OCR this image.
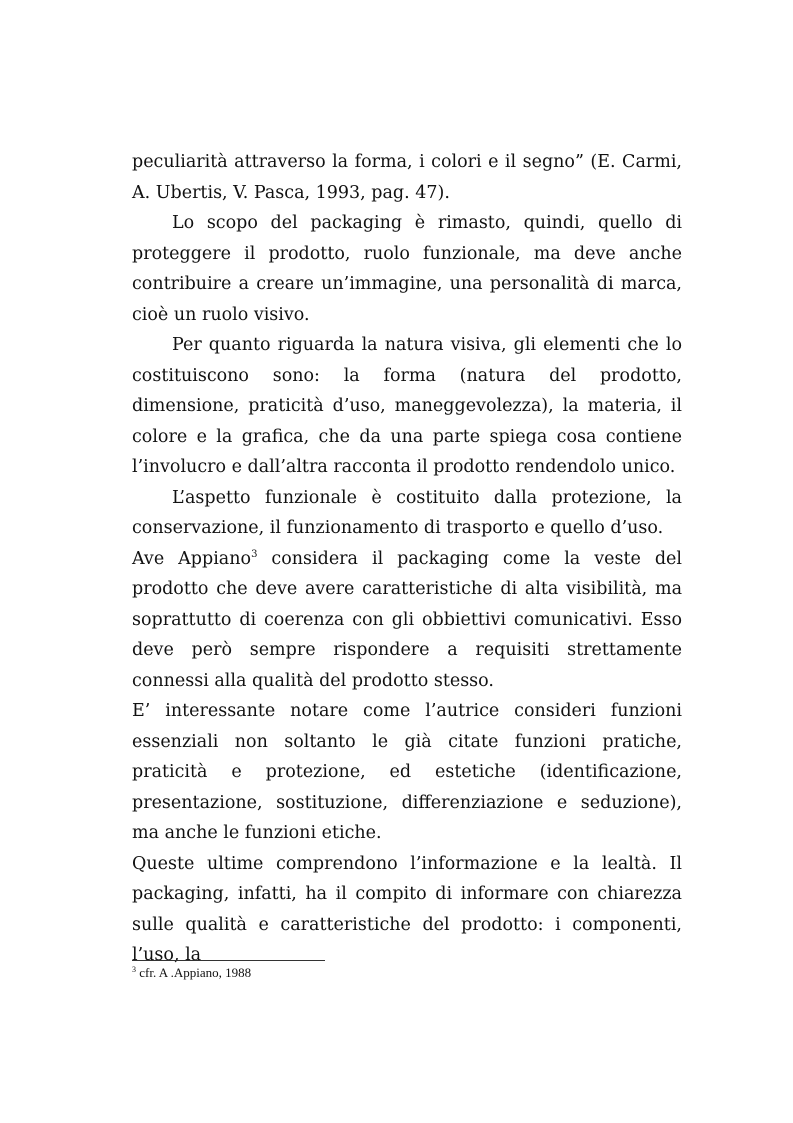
peculiarità attraverso la forma, i colori e il segno” (E. Carmi, A. Ubertis, V. Pasca, 1993, pag. 47).

Lo scopo del packaging è rimasto, quindi, quello di proteggere il prodotto, ruolo funzionale, ma deve anche contribuire a creare un’immagine, una personalità di marca, cioè un ruolo visivo.

Per quanto riguarda la natura visiva, gli elementi che lo costituiscono sono: la forma (natura del prodotto, dimensione, praticità d’uso, maneggevolezza), la materia, il colore e la grafica, che da una parte spiega cosa contiene l’involucro e dall’altra racconta il prodotto rendendolo unico.

L’aspetto funzionale è costituito dalla protezione, la conservazione, il funzionamento di trasporto e quello d’uso.

Ave Appiano$^3$ considera il packaging come la veste del prodotto che deve avere caratteristiche di alta visibilità, ma soprattutto di coerenza con gli obbiettivi comunicativi. Esso deve però sempre rispondere a requisiti strettamente connessi alla qualità del prodotto stesso.

E’ interessante notare come l’autrice consideri funzioni essenziali non soltanto le già citate funzioni pratiche, praticità e protezione, ed estetiche (identificazione, presentazione, sostituzione, differenziazione e seduzione), ma anche le funzioni etiche.

Queste ultime comprendono l’informazione e la lealtà. Il packaging, infatti, ha il compito di informare con chiarezza sulle qualità e caratteristiche del prodotto: i componenti, l’uso, la

$^3$ cfr. A .Appiano, 1988
